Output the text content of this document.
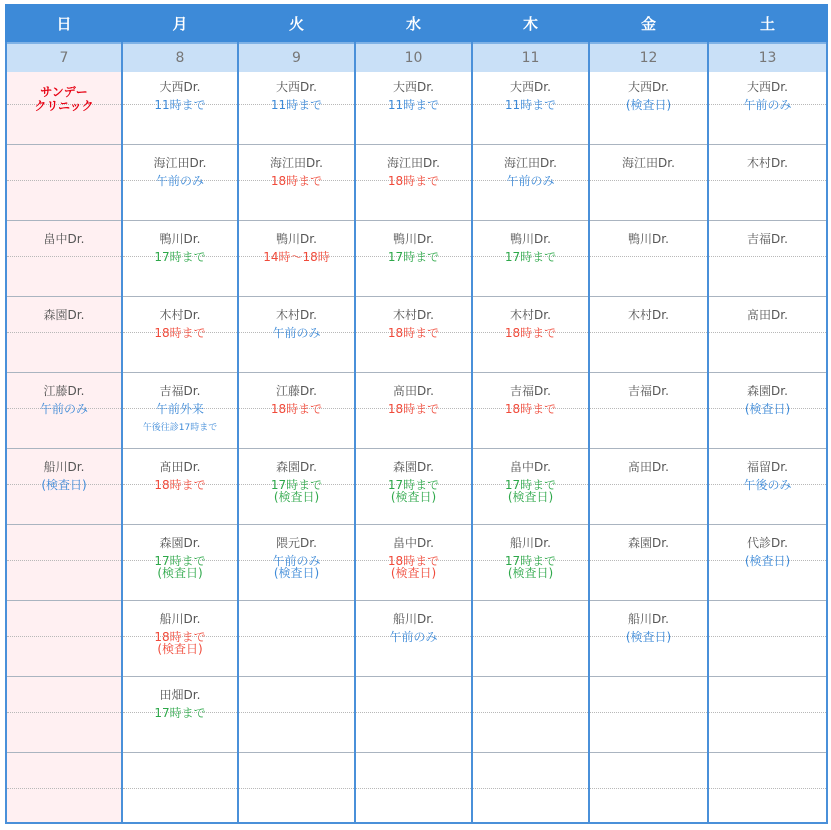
日
7
サンデー
クリニック
畠中Dr.
森園Dr.
江藤Dr.
午前のみ
船川Dr.
(検査日)
月
8
大西Dr.
11時まで
海江田Dr.
午前のみ
鴨川Dr.
17時まで
木村Dr.
18時まで
吉福Dr.
午前外来
午後往診17時まで
髙田Dr.
18時まで
森園Dr.
17時まで
(検査日)
船川Dr.
18時まで
(検査日)
田畑Dr.
17時まで
火
9
大西Dr.
11時まで
海江田Dr.
18時まで
鴨川Dr.
14時〜18時
木村Dr.
午前のみ
江藤Dr.
18時まで
森園Dr.
17時まで
(検査日)
隈元Dr.
午前のみ
(検査日)
水
10
大西Dr.
11時まで
海江田Dr.
18時まで
鴨川Dr.
17時まで
木村Dr.
18時まで
髙田Dr.
18時まで
森園Dr.
17時まで
(検査日)
畠中Dr.
18時まで
(検査日)
船川Dr.
午前のみ
木
11
大西Dr.
11時まで
海江田Dr.
午前のみ
鴨川Dr.
17時まで
木村Dr.
18時まで
吉福Dr.
18時まで
畠中Dr.
17時まで
(検査日)
船川Dr.
17時まで
(検査日)
金
12
大西Dr.
(検査日)
海江田Dr.
鴨川Dr.
木村Dr.
吉福Dr.
髙田Dr.
森園Dr.
船川Dr.
(検査日)
土
13
大西Dr.
午前のみ
木村Dr.
吉福Dr.
髙田Dr.
森園Dr.
(検査日)
福留Dr.
午後のみ
代診Dr.
(検査日)
